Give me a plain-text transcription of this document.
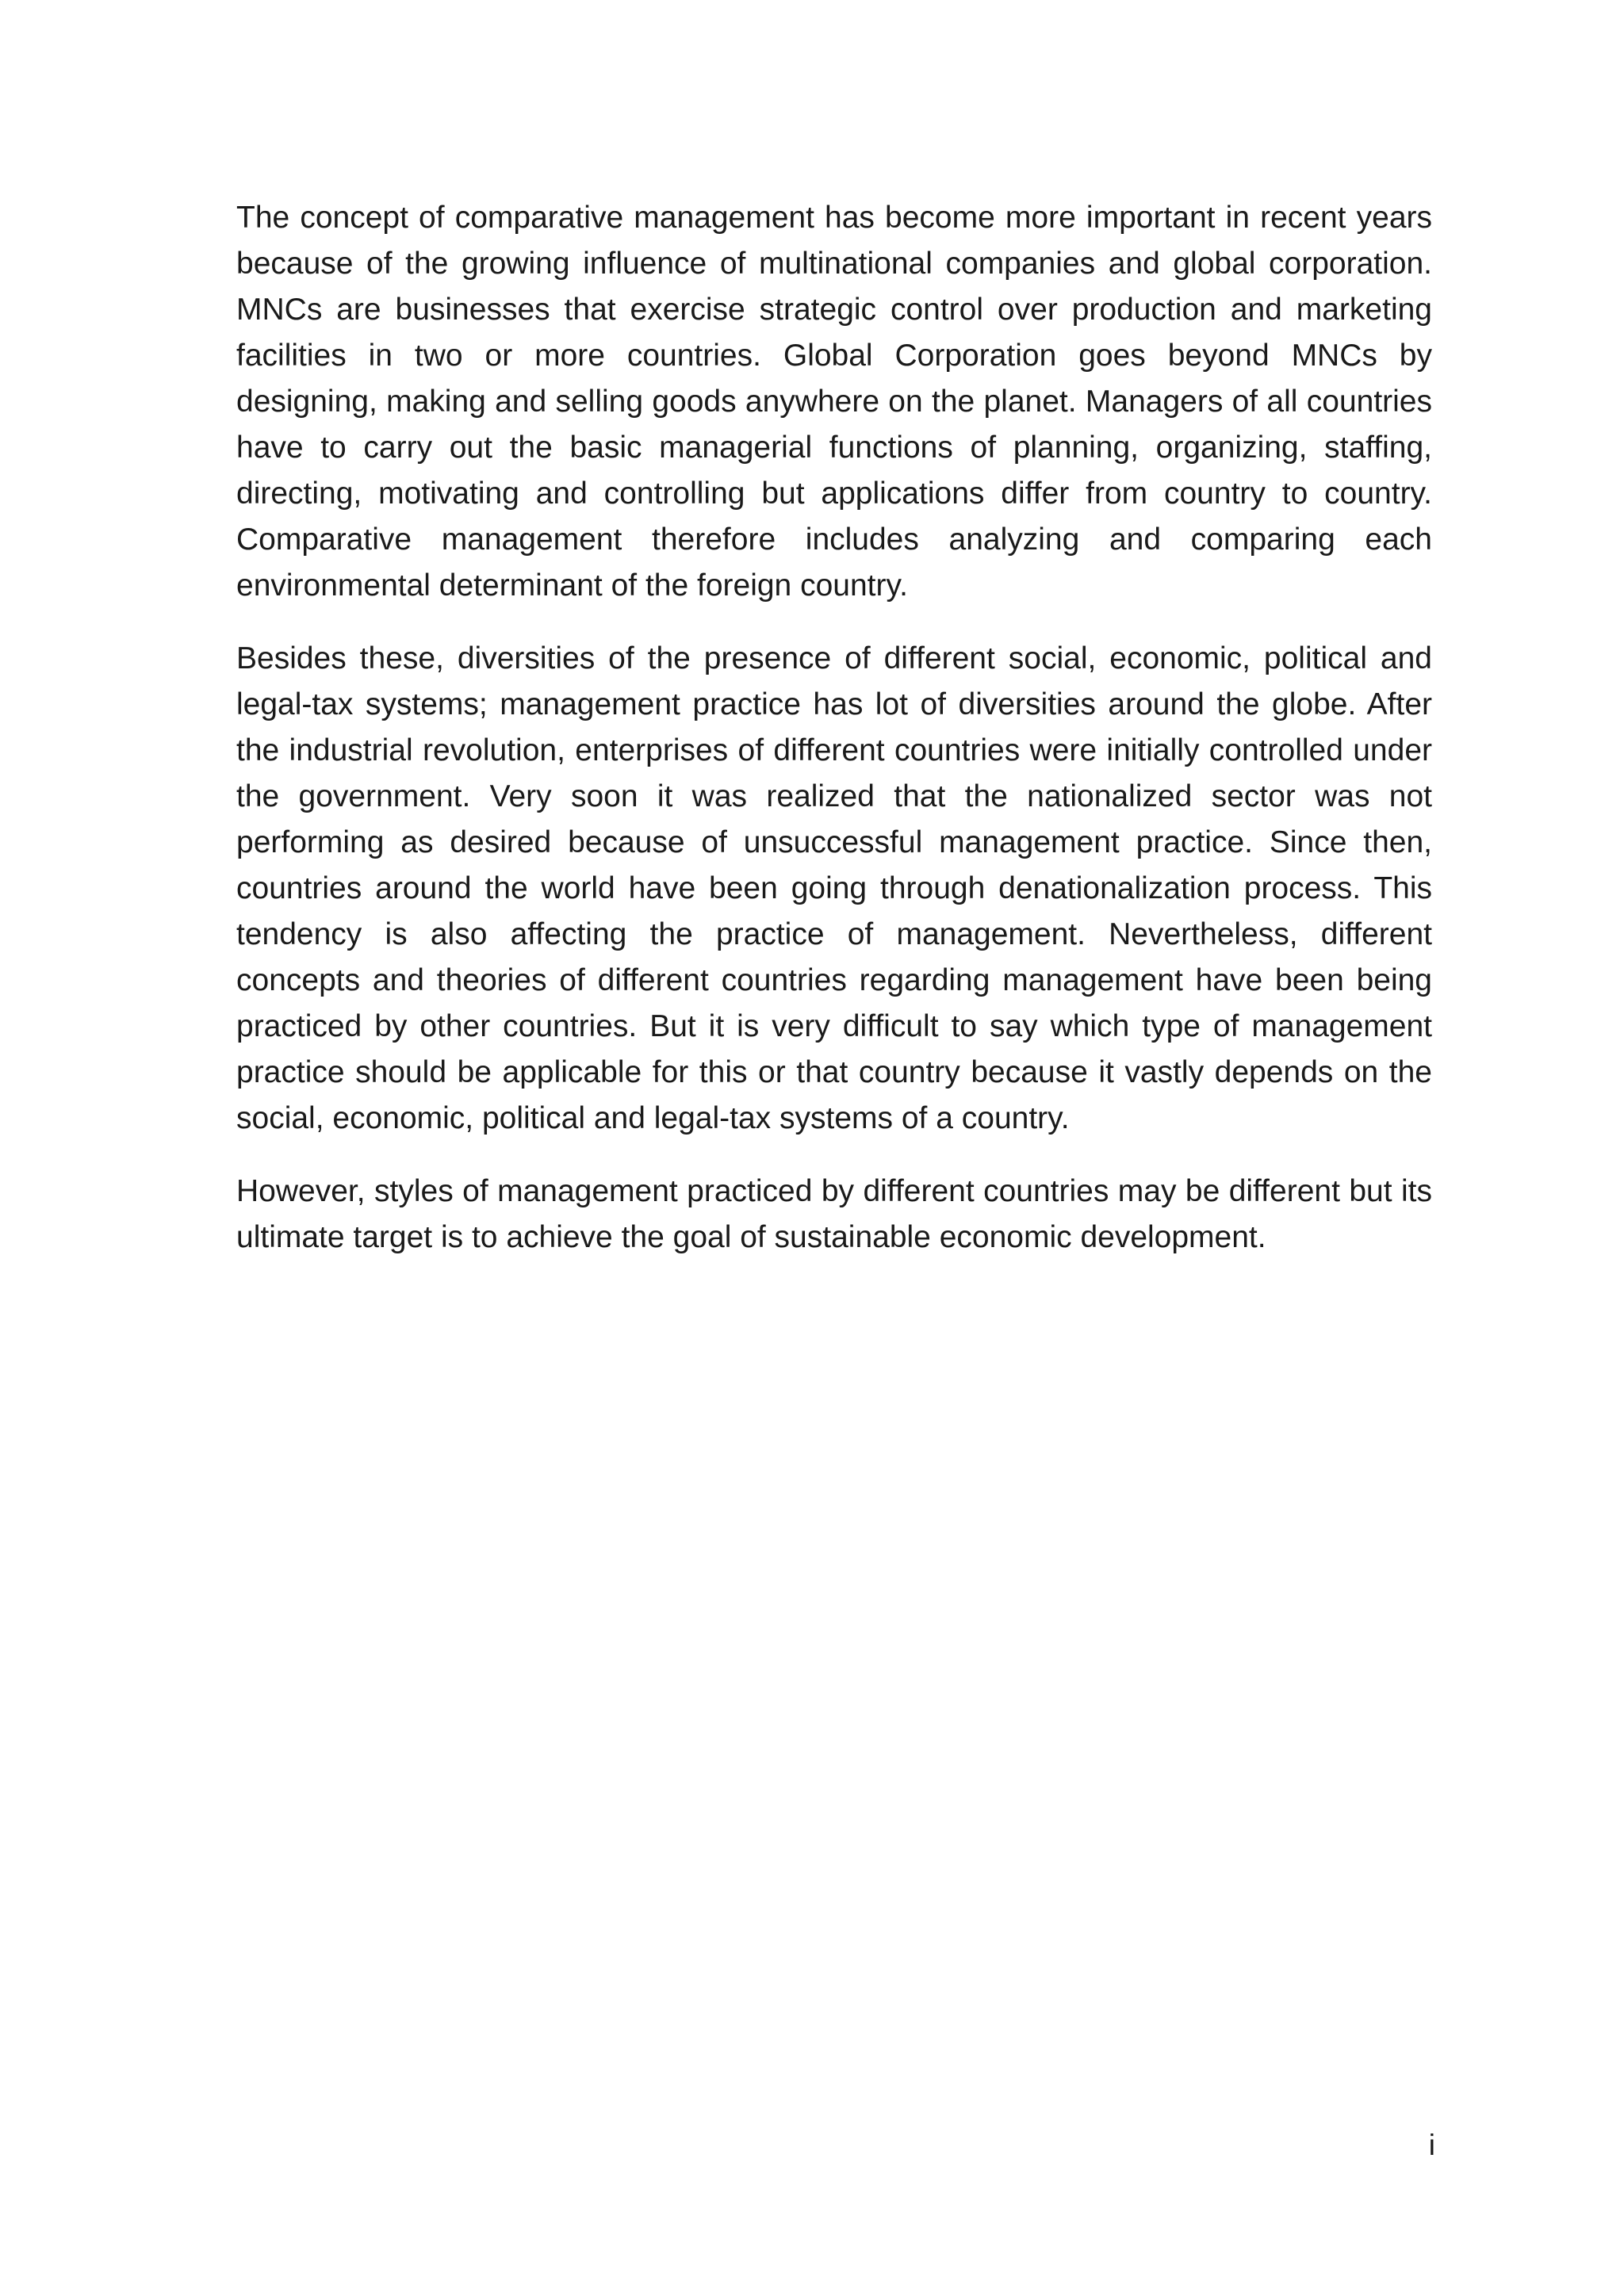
The concept of comparative management has become more important in recent years because of the growing influence of multinational companies and global corporation. MNCs are businesses that exercise strategic control over production and marketing facilities in two or more countries. Global Corporation goes beyond MNCs by designing, making and selling goods anywhere on the planet. Managers of all countries have to carry out the basic managerial functions of planning, organizing, staffing, directing, motivating and controlling but applications differ from country to country. Comparative management therefore includes analyzing and comparing each environmental determinant of the foreign country.

Besides these, diversities of the presence of different social, economic, political and legal-tax systems; management practice has lot of diversities around the globe. After the industrial revolution, enterprises of different countries were initially controlled under the government. Very soon it was realized that the nationalized sector was not performing as desired because of unsuccessful management practice. Since then, countries around the world have been going through denationalization process. This tendency is also affecting the practice of management. Nevertheless, different concepts and theories of different countries regarding management have been being practiced by other countries. But it is very difficult to say which type of management practice should be applicable for this or that country because it vastly depends on the social, economic, political and legal-tax systems of a country.

However, styles of management practiced by different countries may be different but its ultimate target is to achieve the goal of sustainable economic development.

i
